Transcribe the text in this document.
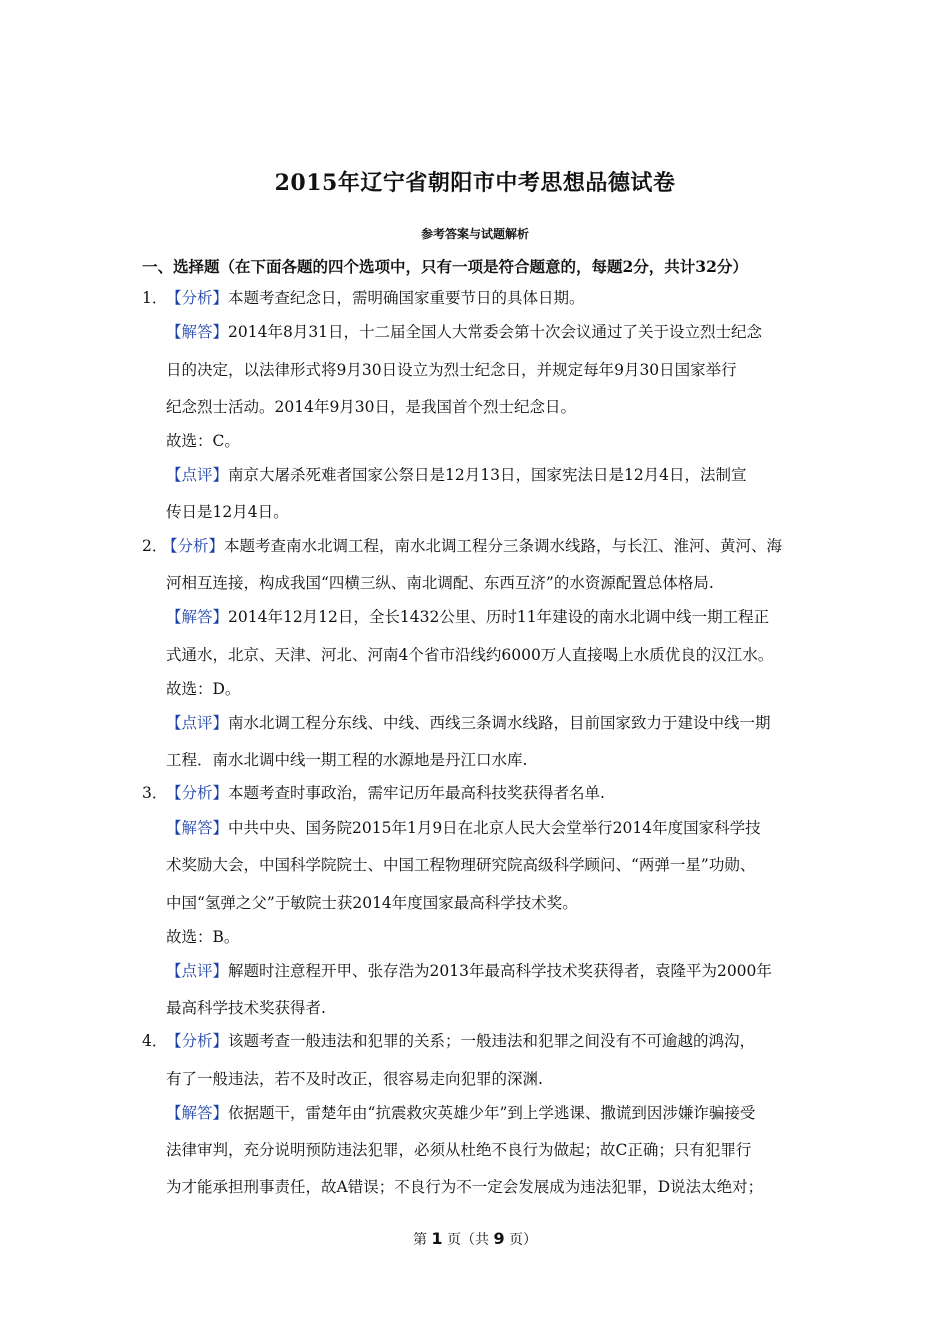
2015年辽宁省朝阳市中考思想品德试卷
参考答案与试题解析
一、选择题（在下面各题的四个选项中，只有一项是符合题意的，每题2分，共计32分）
1．【分析】本题考查纪念日，需明确国家重要节日的具体日期。
【解答】2014年8月31日，十二届全国人大常委会第十次会议通过了关于设立烈士纪念
日的决定，以法律形式将9月30日设立为烈士纪念日，并规定每年9月30日国家举行
纪念烈士活动。2014年9月30日，是我国首个烈士纪念日。
故选：C。
【点评】南京大屠杀死难者国家公祭日是12月13日，国家宪法日是12月4日，法制宣
传日是12月4日。
2．【分析】本题考查南水北调工程，南水北调工程分三条调水线路，与长江、淮河、黄河、海
河相互连接，构成我国“四横三纵、南北调配、东西互济”的水资源配置总体格局.
【解答】2014年12月12日，全长1432公里、历时11年建设的南水北调中线一期工程正
式通水，北京、天津、河北、河南4个省市沿线约6000万人直接喝上水质优良的汉江水。
故选：D。
【点评】南水北调工程分东线、中线、西线三条调水线路，目前国家致力于建设中线一期
工程．南水北调中线一期工程的水源地是丹江口水库.
3．【分析】本题考查时事政治，需牢记历年最高科技奖获得者名单.
【解答】中共中央、国务院2015年1月9日在北京人民大会堂举行2014年度国家科学技
术奖励大会，中国科学院院士、中国工程物理研究院高级科学顾问、“两弹一星”功勋、
中国“氢弹之父”于敏院士获2014年度国家最高科学技术奖。
故选：B。
【点评】解题时注意程开甲、张存浩为2013年最高科学技术奖获得者，袁隆平为2000年
最高科学技术奖获得者.
4．【分析】该题考查一般违法和犯罪的关系；一般违法和犯罪之间没有不可逾越的鸿沟，
有了一般违法，若不及时改正，很容易走向犯罪的深渊.
【解答】依据题干，雷楚年由“抗震救灾英雄少年”到上学逃课、撒谎到因涉嫌诈骗接受
法律审判，充分说明预防违法犯罪，必须从杜绝不良行为做起；故C正确；只有犯罪行
为才能承担刑事责任，故A错误；不良行为不一定会发展成为违法犯罪，D说法太绝对；
第 1 页（共 9 页）
